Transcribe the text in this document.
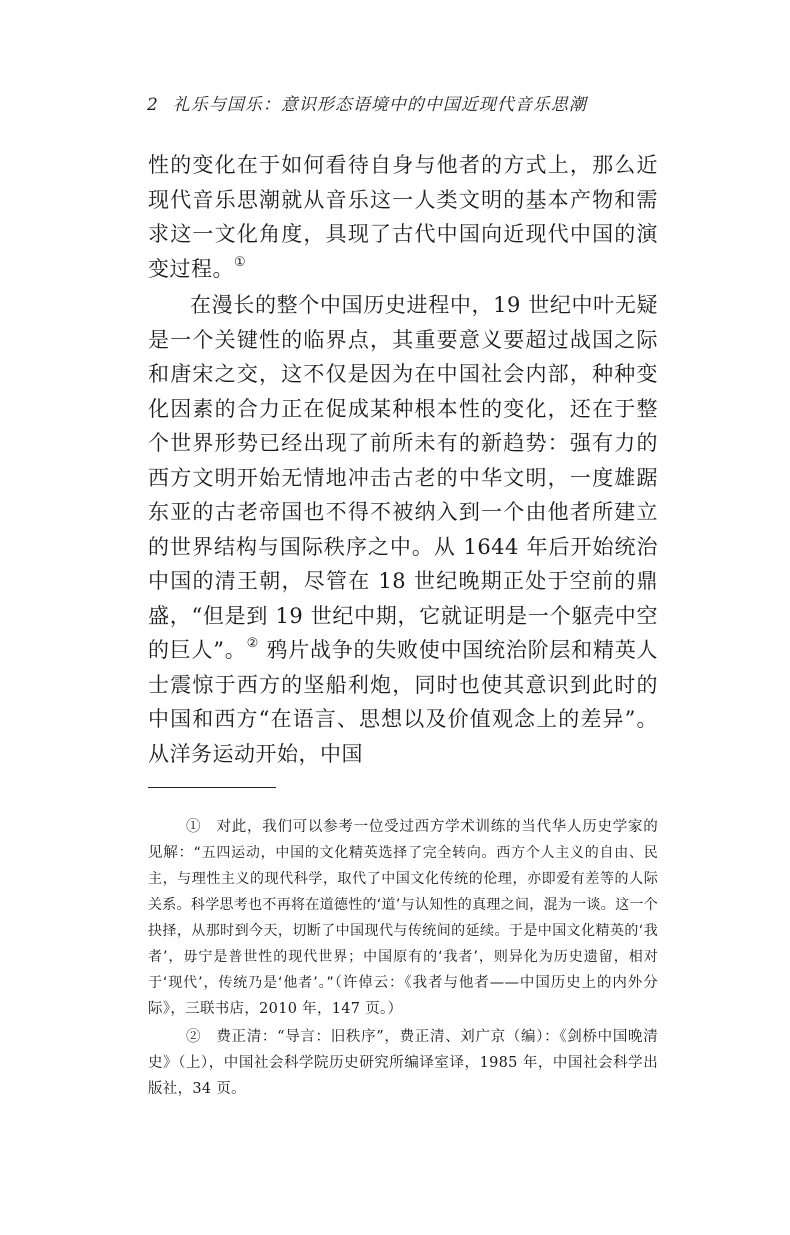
2 礼乐与国乐：意识形态语境中的中国近现代音乐思潮

性的变化在于如何看待自身与他者的方式上，那么近现代音乐思潮就从音乐这一人类文明的基本产物和需求这一文化角度，具现了古代中国向近现代中国的演变过程。①

在漫长的整个中国历史进程中，19 世纪中叶无疑是一个关键性的临界点，其重要意义要超过战国之际和唐宋之交，这不仅是因为在中国社会内部，种种变化因素的合力正在促成某种根本性的变化，还在于整个世界形势已经出现了前所未有的新趋势：强有力的西方文明开始无情地冲击古老的中华文明，一度雄踞东亚的古老帝国也不得不被纳入到一个由他者所建立的世界结构与国际秩序之中。从 1644 年后开始统治中国的清王朝，尽管在 18 世纪晚期正处于空前的鼎盛，“但是到 19 世纪中期，它就证明是一个躯壳中空的巨人”。② 鸦片战争的失败使中国统治阶层和精英人士震惊于西方的坚船利炮，同时也使其意识到此时的中国和西方“在语言、思想以及价值观念上的差异”。从洋务运动开始，中国

①　对此，我们可以参考一位受过西方学术训练的当代华人历史学家的见解：“五四运动，中国的文化精英选择了完全转向。西方个人主义的自由、民主，与理性主义的现代科学，取代了中国文化传统的伦理，亦即爱有差等的人际关系。科学思考也不再将在道德性的‘道’与认知性的真理之间，混为一谈。这一个抉择，从那时到今天，切断了中国现代与传统间的延续。于是中国文化精英的‘我者’，毋宁是普世性的现代世界；中国原有的‘我者’，则异化为历史遗留，相对于‘现代’，传统乃是‘他者’。”（许倬云：《我者与他者——中国历史上的内外分际》，三联书店，2010 年，147 页。）

②　费正清：“导言：旧秩序”，费正清、刘广京（编）：《剑桥中国晚清史》（上），中国社会科学院历史研究所编译室译，1985 年，中国社会科学出版社，34 页。
